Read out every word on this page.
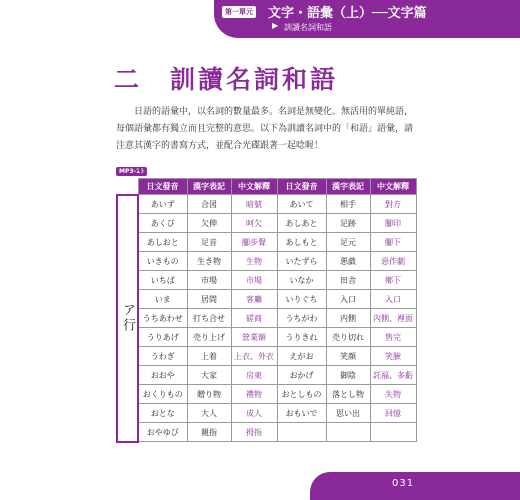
第一單元 文字・語彙（上）──文字篇
▶ 訓讀名詞和語
二　訓讀名詞和語

日語的語彙中，以名詞的數量最多。名詞是無變化、無活用的單純語，

每個語彙都有獨立而且完整的意思。以下為訓讀名詞中的「和語」語彙，請

注意其漢字的書寫方式，並配合光碟跟著一起唸喔！

MP3-15
	日文發音	漢字表記	中文解釋	日文發音	漢字表記	中文解釋
ア行	あいず	合図	暗號	あいて	相手	對方
	あくび	欠伸	呵欠	あしあと	足跡	腳印
	あしおと	足音	腳步聲	あしもと	足元	腳下
	いきもの	生き物	生物	いたずら	悪戯	惡作劇
	いちば	市場	市場	いなか	田舎	鄉下
	いま	居間	客廳	いりぐち	入口	入口
	うちあわせ	打ち合せ	磋商	うちがわ	内側	內側、裡面
	うりあげ	売り上げ	營業額	うりきれ	売り切れ	售完
	うわぎ	上着	上衣、外衣	えがお	笑顔	笑臉
	おおや	大家	房東	おかげ	御陰	託福、多虧
	おくりもの	贈り物	禮物	おとしもの	落とし物	失物
	おとな	大人	成人	おもいで	思い出	回憶
	おやゆび	親指	拇指			
031
